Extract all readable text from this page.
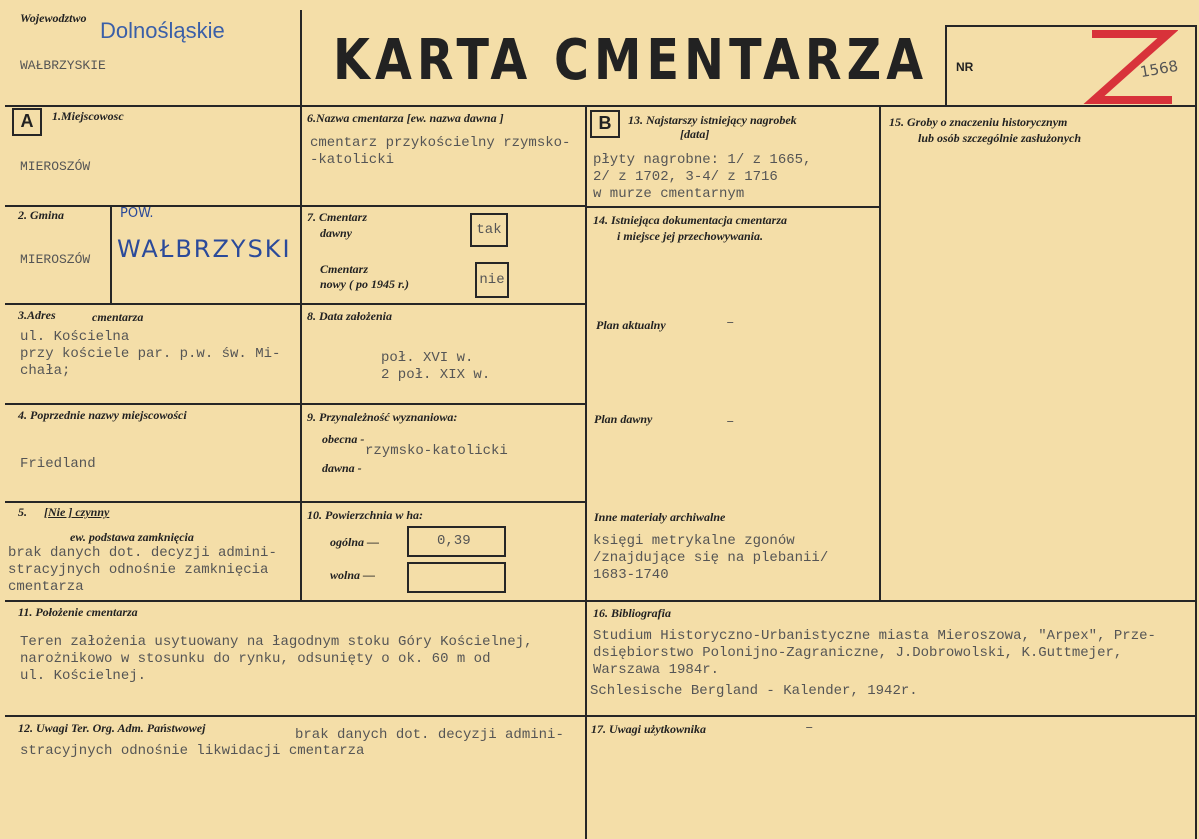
Wojewodztwo Dolnośląskie
WAŁBRZYSKIE	KARTA CMENTARZA NR	1568
A	B
1.Miejscowosc
MIEROSZÓW
2. Gmina
MIEROSZÓW
POW.
WAŁBRZYSKI
3.Adres	cmentarza
ul. Kościelna
przy kościele par. p.w. św. Mi-
chała;
4. Poprzednie nazwy miejscowości
Friedland
5. [Nie ] czynny
ew. podstawa zamknięcia
brak danych dot. decyzji admini-
stracyjnych odnośnie zamknięcia
cmentarza
6.Nazwa cmentarza [ew. nazwa dawna ]
cmentarz przykościelny rzymsko-
-katolicki
7. Cmentarz
dawny	tak
Cmentarz
nowy ( po 1945 r.)	nie
8. Data założenia
poł. XVI w.
2 poł. XIX w.
9. Przynależność wyznaniowa:
obecna -
rzymsko-katolicki
dawna -
10. Powierzchnia w ha:
ogólna —	0,39
wolna —
11. Położenie cmentarza
Teren założenia usytuowany na łagodnym stoku Góry Kościelnej,
narożnikowo w stosunku do rynku, odsunięty o ok. 60 m od
ul. Kościelnej.
12. Uwagi Ter. Org. Adm. Państwowej	brak danych dot. decyzji admini-
stracyjnych odnośnie likwidacji cmentarza
13. Najstarszy istniejący nagrobek
[data]
płyty nagrobne: 1/ z 1665,
2/ z 1702, 3-4/ z 1716
w murze cmentarnym
14. Istniejąca dokumentacja cmentarza
i miejsce jej przechowywania.
Plan aktualny	–
Plan dawny	–
Inne materiały archiwalne
księgi metrykalne zgonów
/znajdujące się na plebanii/
1683-1740
15. Groby o znaczeniu historycznym
lub osób szczególnie zasłużonych
16. Bibliografia
Studium Historyczno-Urbanistyczne miasta Mieroszowa, "Arpex", Prze-
dsiębiorstwo Polonijno-Zagraniczne, J.Dobrowolski, K.Guttmejer,
Warszawa 1984r.
Schlesische Bergland - Kalender, 1942r.
17. Uwagi użytkownika	–
